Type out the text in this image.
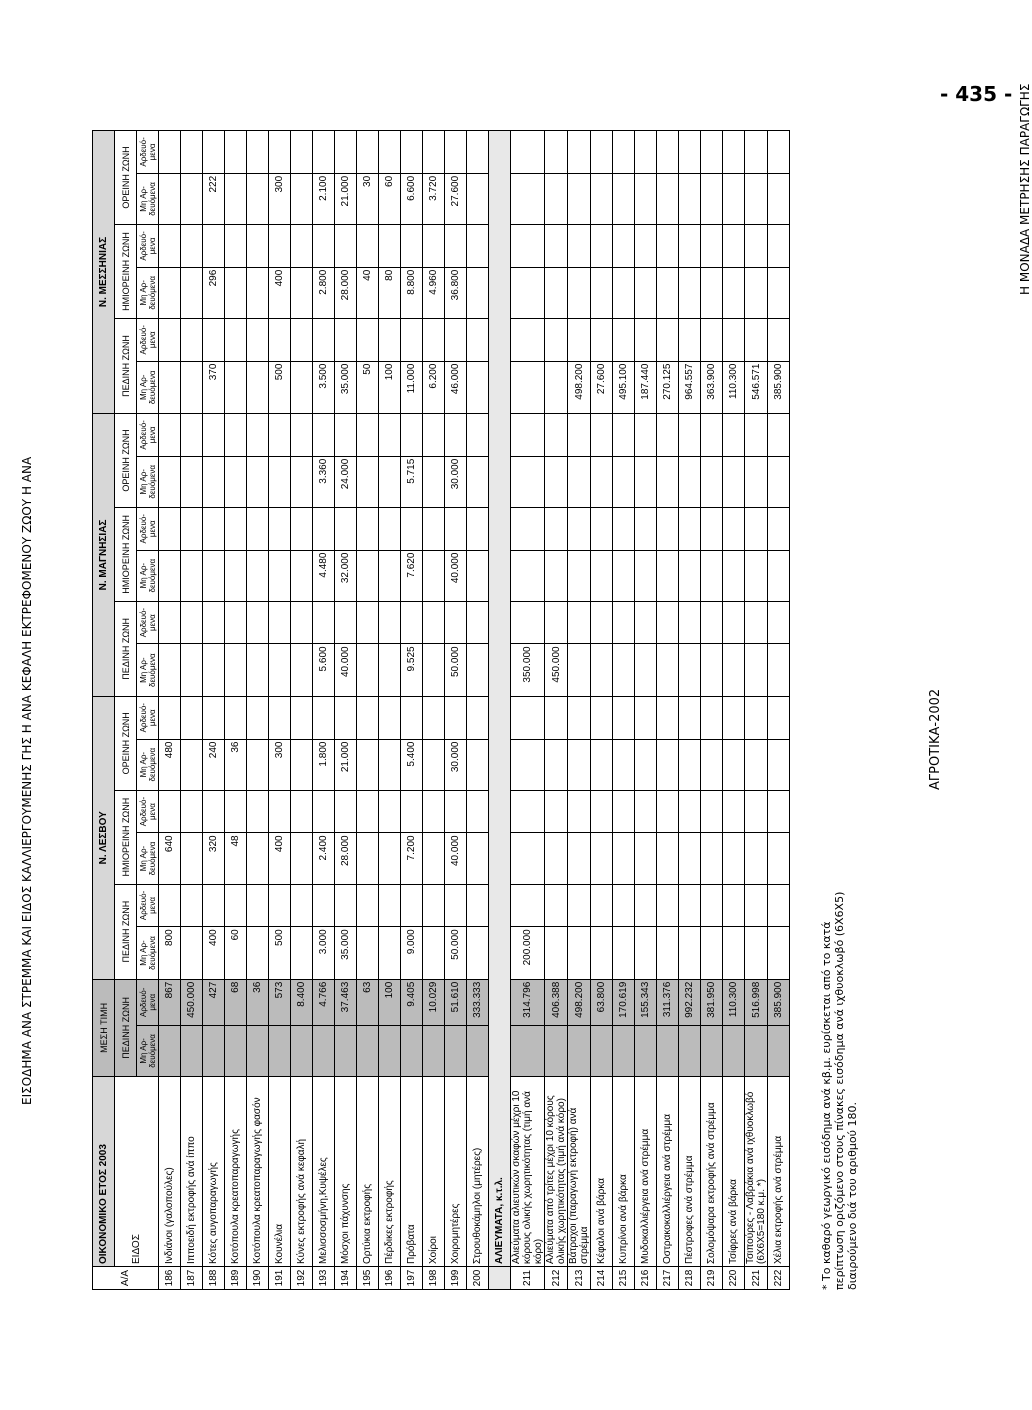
- 435 -
ΕΙΣΟΔΗΜΑ ΑΝΑ ΣΤΡΕΜΜΑ ΚΑΙ ΕΙΔΟΣ ΚΑΛΛΙΕΡΓΟΥΜΕΝΗΣ ΓΗΣ Η ΑΝΑ ΚΕΦΑΛΗ ΕΚΤΡΕΦΟΜΕΝΟΥ ΖΩΟΥ Η ΑΝΑ
Η ΜΟΝΑΔΑ ΜΕΤΡΗΣΗΣ ΠΑΡΑΓΩΓΗΣ
ΑΓΡΟΤΙΚΑ-2002
Α/Α	ΟΙΚΟΝΟΜΙΚΟ ΕΤΟΣ 2003	ΜΕΣΗ ΤΙΜΗ		Ν. ΛΕΣΒΟΥ						Ν. ΜΑΓΝΗΣΙΑΣ						Ν. ΜΕΣΣΗΝΙΑΣ					
	ΕΙΔΟΣ	ΠΕΔΙΝΗ ΖΩΝΗ		ΠΕΔΙΝΗ ΖΩΝΗ		ΗΜΙΟΡΕΙΝΗ ΖΩΝΗ		ΟΡΕΙΝΗ ΖΩΝΗ		ΠΕΔΙΝΗ ΖΩΝΗ		ΗΜΙΟΡΕΙΝΗ ΖΩΝΗ		ΟΡΕΙΝΗ ΖΩΝΗ		ΠΕΔΙΝΗ ΖΩΝΗ		ΗΜΙΟΡΕΙΝΗ ΖΩΝΗ		ΟΡΕΙΝΗ ΖΩΝΗ	
		Μη Αρ-δευόμενα	Αρδευό-μενα	Μη Αρ-δευόμενα	Αρδευό-μενα	Μη Αρ-δευόμενα	Αρδευό-μενα	Μη Αρ-δευόμενα	Αρδευό-μενα	Μη Αρ-δευόμενα	Αρδευό-μενα	Μη Αρ-δευόμενα	Αρδευό-μενα	Μη Αρ-δευόμενα	Αρδευό-μενα	Μη Αρ-δευόμενα	Αρδευό-μενα	Μη Αρ-δευόμενα	Αρδευό-μενα	Μη Αρ-δευόμενα	Αρδευό-μενα
186	Ινδιάνοι (γαλοπούλες)		867	800		640		480													
187	Ιπποειδή εκτροφής ανά ίππο		450.000																		
188	Κότες αυγοπαραγωγής		427	400		320		240								370		296		222	
189	Κοτόπουλα κρεατοπαραγωγής		68	60		48		36													
190	Κοτόπουλα κρεατοπαραγωγής φασόν		36																		
191	Κουνέλια		573	500		400		300								500		400		300	
192	Κύνες εκτροφής ανά κεφαλή		8.400																		
193	Μελισσοσμήνη,Κυψέλες		4.766	3.000		2.400		1.800		5.600		4.480		3.360		3.500		2.800		2.100	
194	Μόσχοι πάχυνσης		37.463	35.000		28.000		21.000		40.000		32.000		24.000		35.000		28.000		21.000	
195	Ορτύκια εκτροφής		63													50		40		30	
196	Πέρδικες εκτροφής		100													100		80		60	
197	Πρόβατα		9.405	9.000		7.200		5.400		9.525		7.620		5.715		11.000		8.800		6.600	
198	Χοίροι		10.029													6.200		4.960		3.720	
199	Χοιρομητέρες		51.610	50.000		40.000		30.000		50.000		40.000		30.000		46.000		36.800		27.600	
200	Στρουθοκάμηλοι (μητέρες)		333.333																		
	ΑΛΙΕΥΜΑΤΑ, κ.τ.λ.																				
211	Αλιεύματα αλιευτικών σκαφών μέχρι 10 κόρους ολικής χωρητικότητας (τιμή ανά κόρο)		314.796	200.000						350.000											
212	Αλιεύματα από τρίτες μέχρι 10 κόρους ολικής χωρητικότητας (τιμή ανά κόρο)		406.388							450.000											
213	Βάτραχοι (παραγωγή εκτροφή) ανά στρέμμα		498.200													498.200					
214	Κέφαλοι ανά βάρκα		63.800													27.600					
215	Κυπρίνοι ανά βάρκα		170.619													495.100					
216	Μυδοκαλλιέργεια ανά στρέμμα		155.343													187.440					
217	Οστρακοκαλλιέργεια ανά στρέμμα		311.376													270.125					
218	Πέστροφες ανά στρέμμα		992.232													964.557					
219	Σολομόψαρα εκτροφής ανά στρέμμα		381.950													363.900					
220	Τσίφρες ανά βάρκα		110.300													110.300					
221	Τσιπούρες - Λαβράκια ανά ιχθυοκλωβό (6Χ6Χ5=180 κ.μ. *)		516.998													546.571					
222	Χέλια εκτροφής ανά στρέμμα		385.900													385.900					
* Το καθαρό γεωργικό εισόδημα ανά κβ.μ. ευρίσκεται από το κατά περίπτωση οριζόμενο στους πίνακες εισόδημα ανά ιχθυοκλωβό (6Χ6Χ5) διαιρούμενο διά του αριθμού 180.
